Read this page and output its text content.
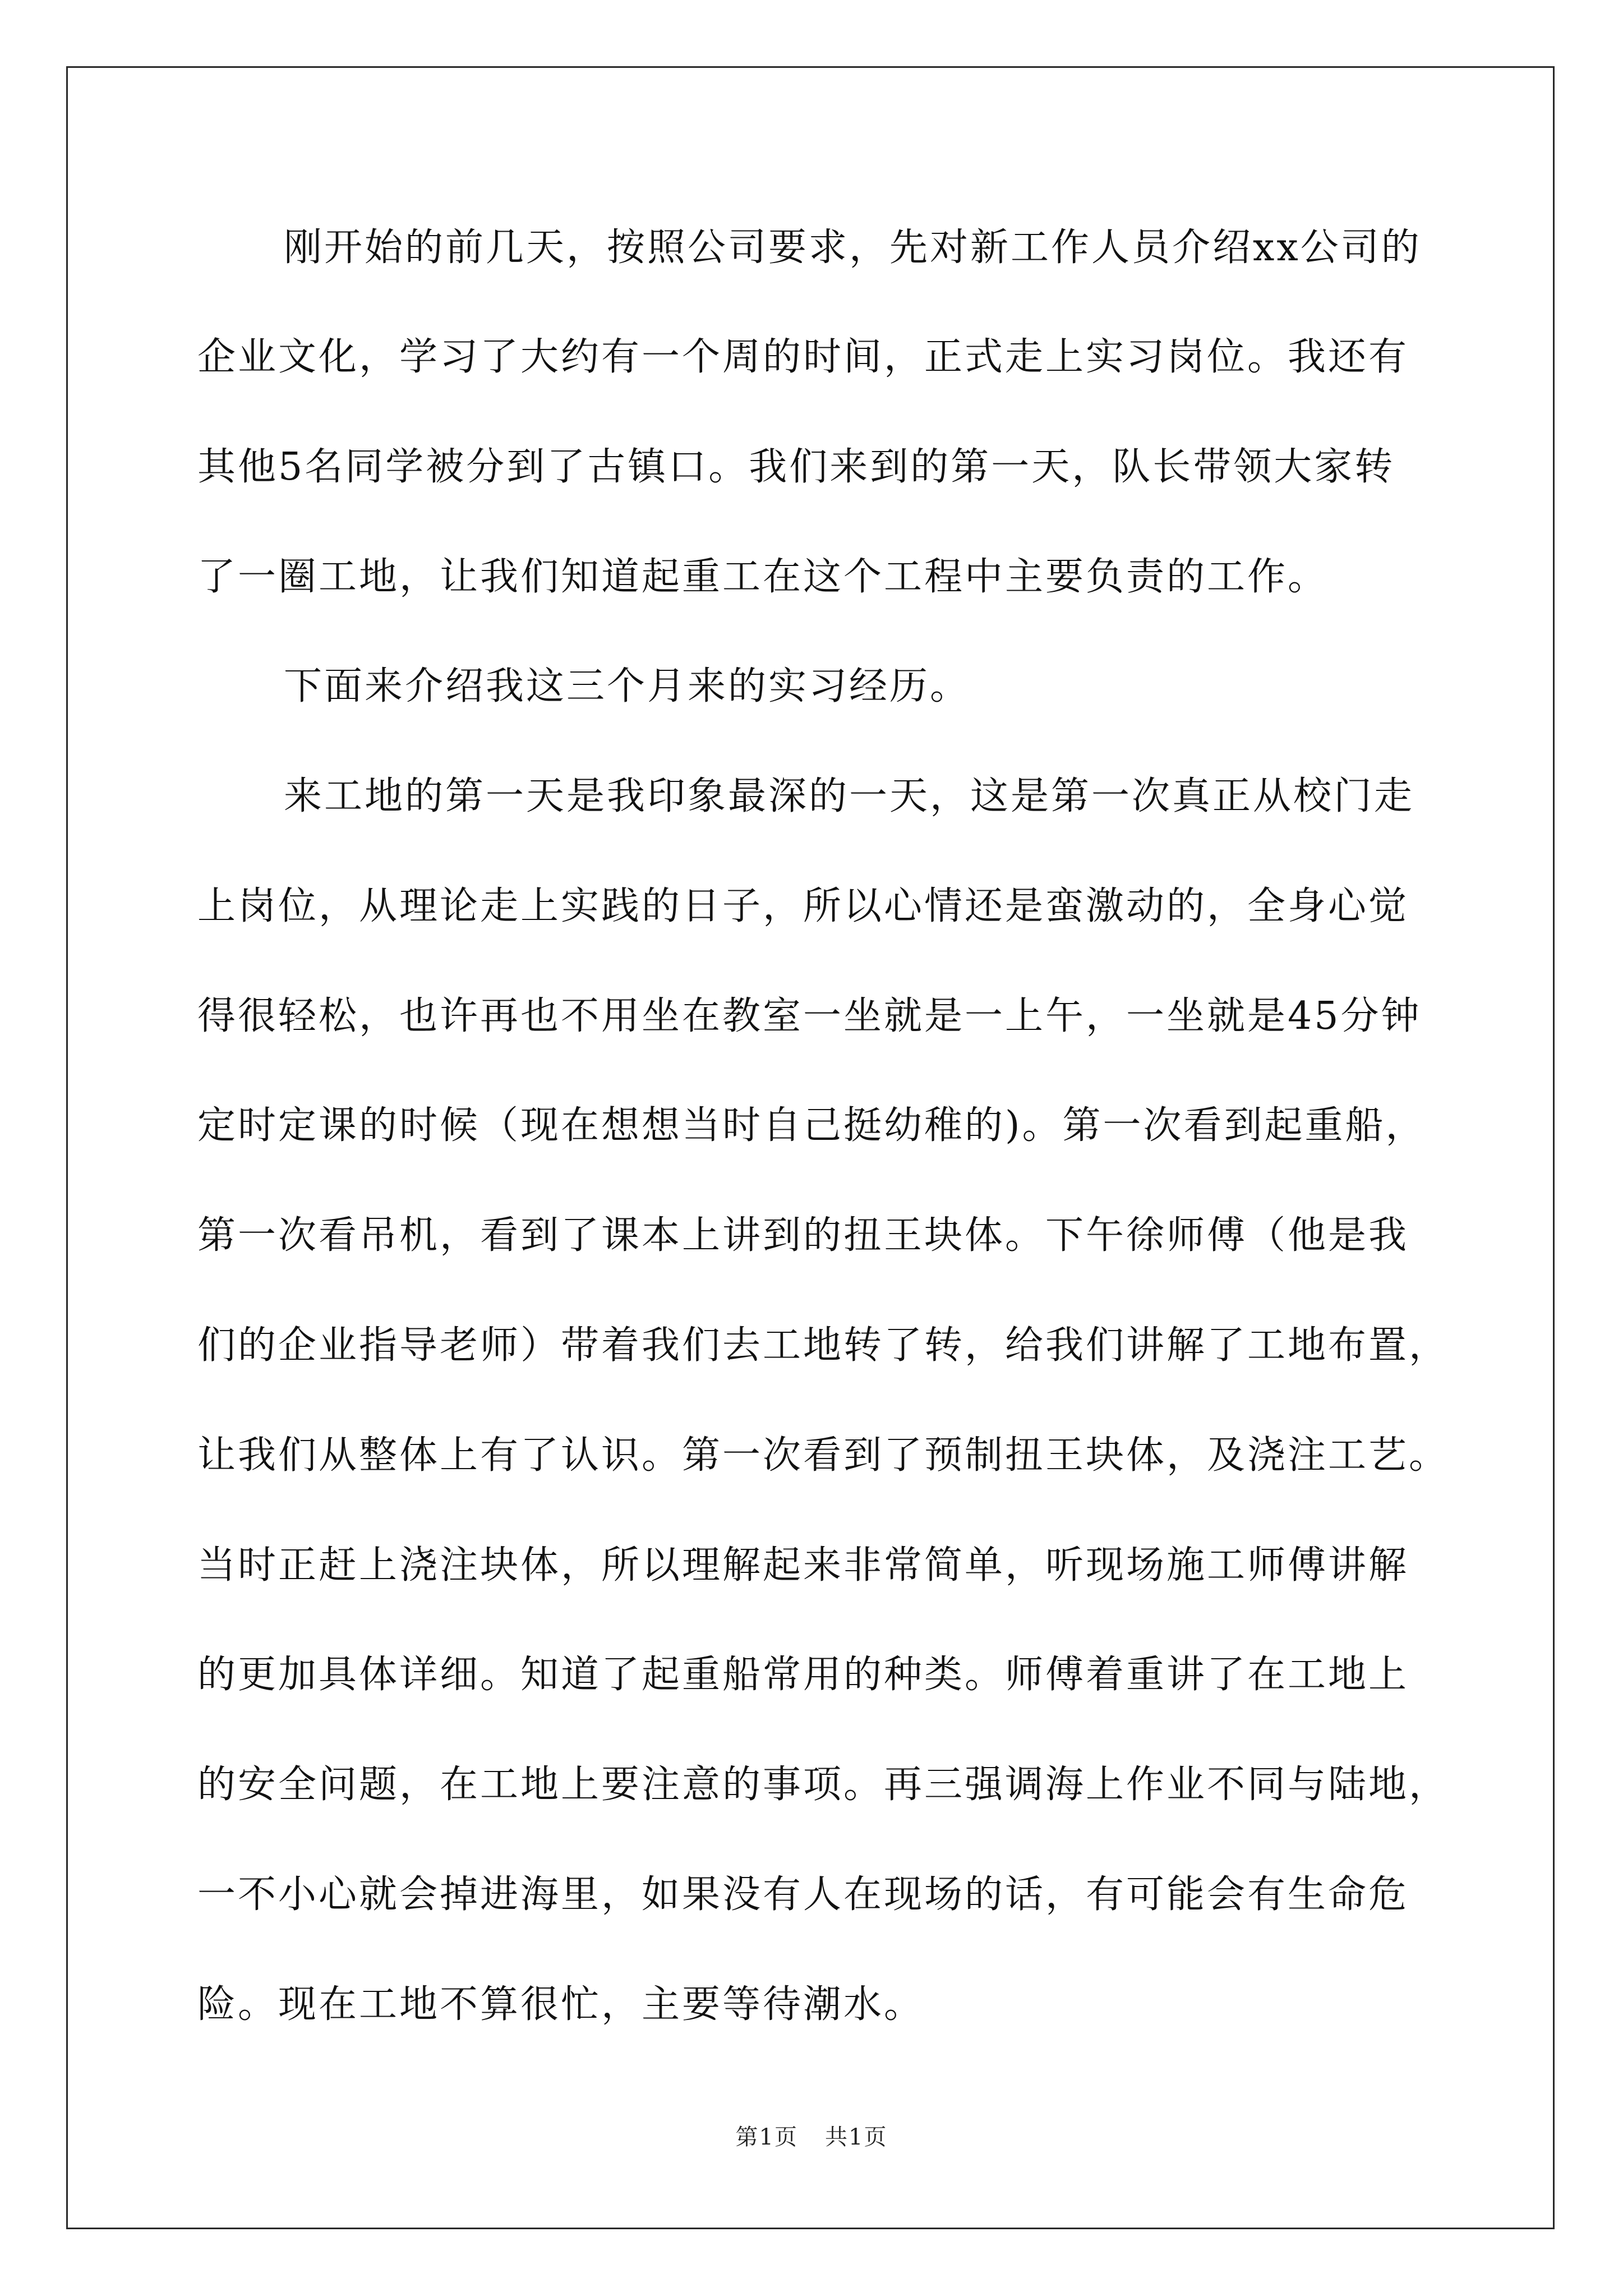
刚开始的前几天，按照公司要求，先对新工作人员介绍xx公司的
企业文化，学习了大约有一个周的时间，正式走上实习岗位。我还有
其他5名同学被分到了古镇口。我们来到的第一天，队长带领大家转
了一圈工地，让我们知道起重工在这个工程中主要负责的工作。
下面来介绍我这三个月来的实习经历。
来工地的第一天是我印象最深的一天，这是第一次真正从校门走
上岗位，从理论走上实践的日子，所以心情还是蛮激动的，全身心觉
得很轻松，也许再也不用坐在教室一坐就是一上午，一坐就是45分钟
定时定课的时候（现在想想当时自己挺幼稚的)。第一次看到起重船，
第一次看吊机，看到了课本上讲到的扭王块体。下午徐师傅（他是我
们的企业指导老师）带着我们去工地转了转，给我们讲解了工地布置，
让我们从整体上有了认识。第一次看到了预制扭王块体，及浇注工艺。
当时正赶上浇注块体，所以理解起来非常简单，听现场施工师傅讲解
的更加具体详细。知道了起重船常用的种类。师傅着重讲了在工地上
的安全问题，在工地上要注意的事项。再三强调海上作业不同与陆地，
一不小心就会掉进海里，如果没有人在现场的话，有可能会有生命危
险。现在工地不算很忙，主要等待潮水。
第1页 共1页
